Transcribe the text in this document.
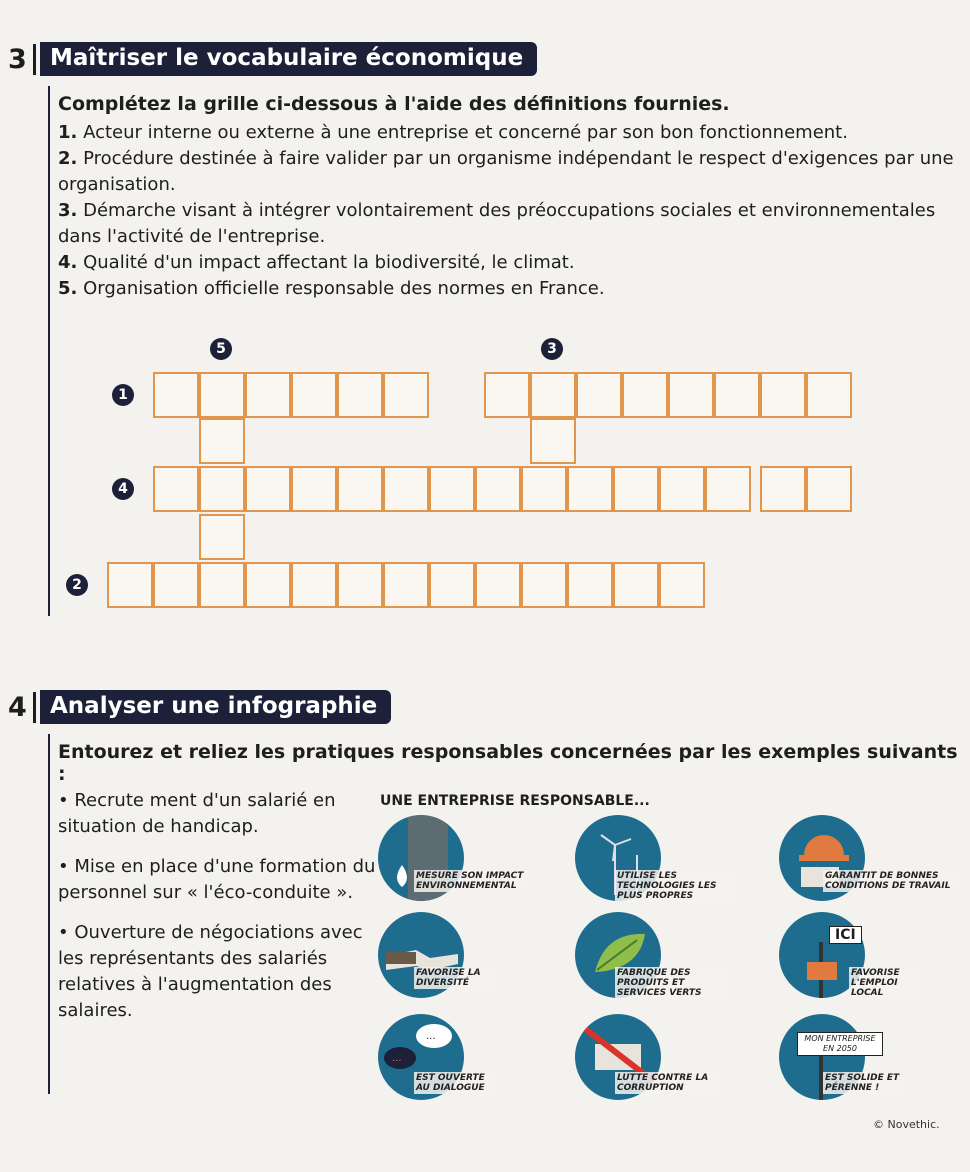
3	Maîtriser le vocabulaire économique
Complétez la grille ci-dessous à l'aide des définitions fournies.

1. Acteur interne ou externe à une entreprise et concerné par son bon fonctionnement.

2. Procédure destinée à faire valider par un organisme indépendant le respect d'exigences par une organisation.

3. Démarche visant à intégrer volontairement des préoccupations sociales et environnementales dans l'activité de l'entreprise.

4. Qualité d'un impact affectant la biodiversité, le climat.

5. Organisation officielle responsable des normes en France.

5	3
1
4
2
4	Analyser une infographie
Entourez et reliez les pratiques responsables concernées par les exemples suivants :

• Recrute ment d'un salarié en situation de handicap.

• Mise en place d'une formation du personnel sur « l'éco-conduite ».

• Ouverture de négociations avec les représentants des salariés relatives à l'augmentation des salaires.

UNE ENTREPRISE RESPONSABLE...
MESURE SON IMPACT ENVIRONNEMENTAL
UTILISE LES TECHNOLOGIES LES PLUS PROPRES
GARANTIT DE BONNES CONDITIONS DE TRAVAIL
FAVORISE LA DIVERSITÉ
FABRIQUE DES PRODUITS ET SERVICES VERTS
ICI
FAVORISE L'EMPLOI LOCAL
...
...
EST OUVERTE AU DIALOGUE
LUTTE CONTRE LA CORRUPTION
MON ENTREPRISE EN 2050
EST SOLIDE ET PÉRENNE !
© Novethic.
